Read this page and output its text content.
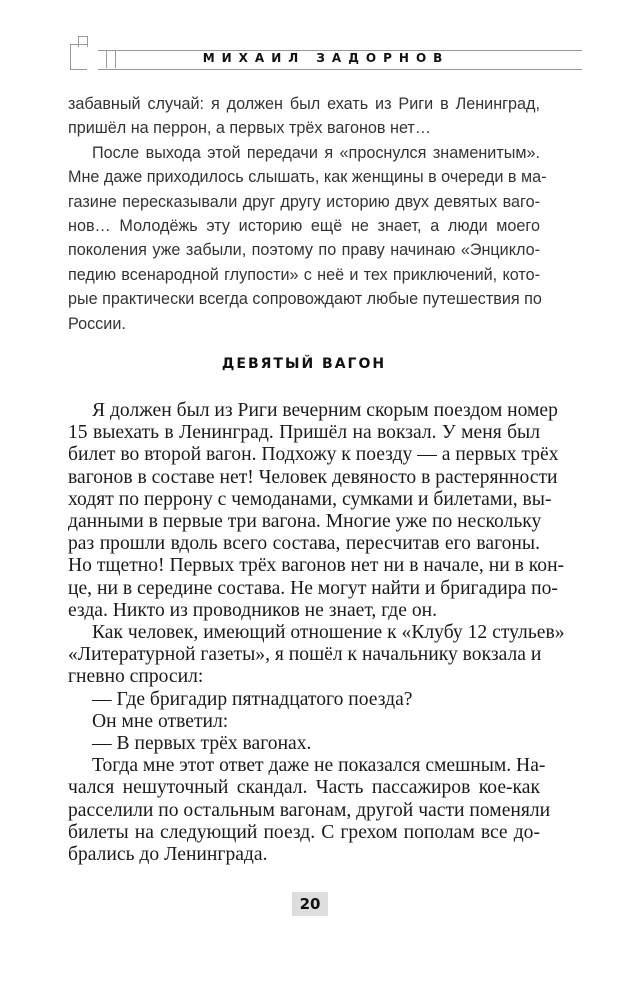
МИХАИЛ ЗАДОРНОВ
забавный случай: я должен был ехать из Риги в Ленинград,
пришёл на перрон, а первых трёх вагонов нет…
После выхода этой передачи я «проснулся знаменитым».
Мне даже приходилось слышать, как женщины в очереди в ма-
газине пересказывали друг другу историю двух девятых ваго-
нов… Молодёжь эту историю ещё не знает, а люди моего
поколения уже забыли, поэтому по праву начинаю «Энцикло-
педию всенародной глупости» с неё и тех приключений, кото-
рые практически всегда сопровождают любые путешествия по
России.
ДЕВЯТЫЙ ВАГОН
Я должен был из Риги вечерним скорым поездом номер
15 выехать в Ленинград. Пришёл на вокзал. У меня был
билет во второй вагон. Подхожу к поезду — а первых трёх
вагонов в составе нет! Человек девяносто в растерянности
ходят по перрону с чемоданами, сумками и билетами, вы-
данными в первые три вагона. Многие уже по нескольку
раз прошли вдоль всего состава, пересчитав его вагоны.
Но тщетно! Первых трёх вагонов нет ни в начале, ни в кон-
це, ни в середине состава. Не могут найти и бригадира по-
езда. Никто из проводников не знает, где он.
Как человек, имеющий отношение к «Клубу 12 стульев»
«Литературной газеты», я пошёл к начальнику вокзала и
гневно спросил:
— Где бригадир пятнадцатого поезда?
Он мне ответил:
— В первых трёх вагонах.
Тогда мне этот ответ даже не показался смешным. На-
чался нешуточный скандал. Часть пассажиров кое-как
расселили по остальным вагонам, другой части поменяли
билеты на следующий поезд. С грехом пополам все до-
брались до Ленинграда.
20
